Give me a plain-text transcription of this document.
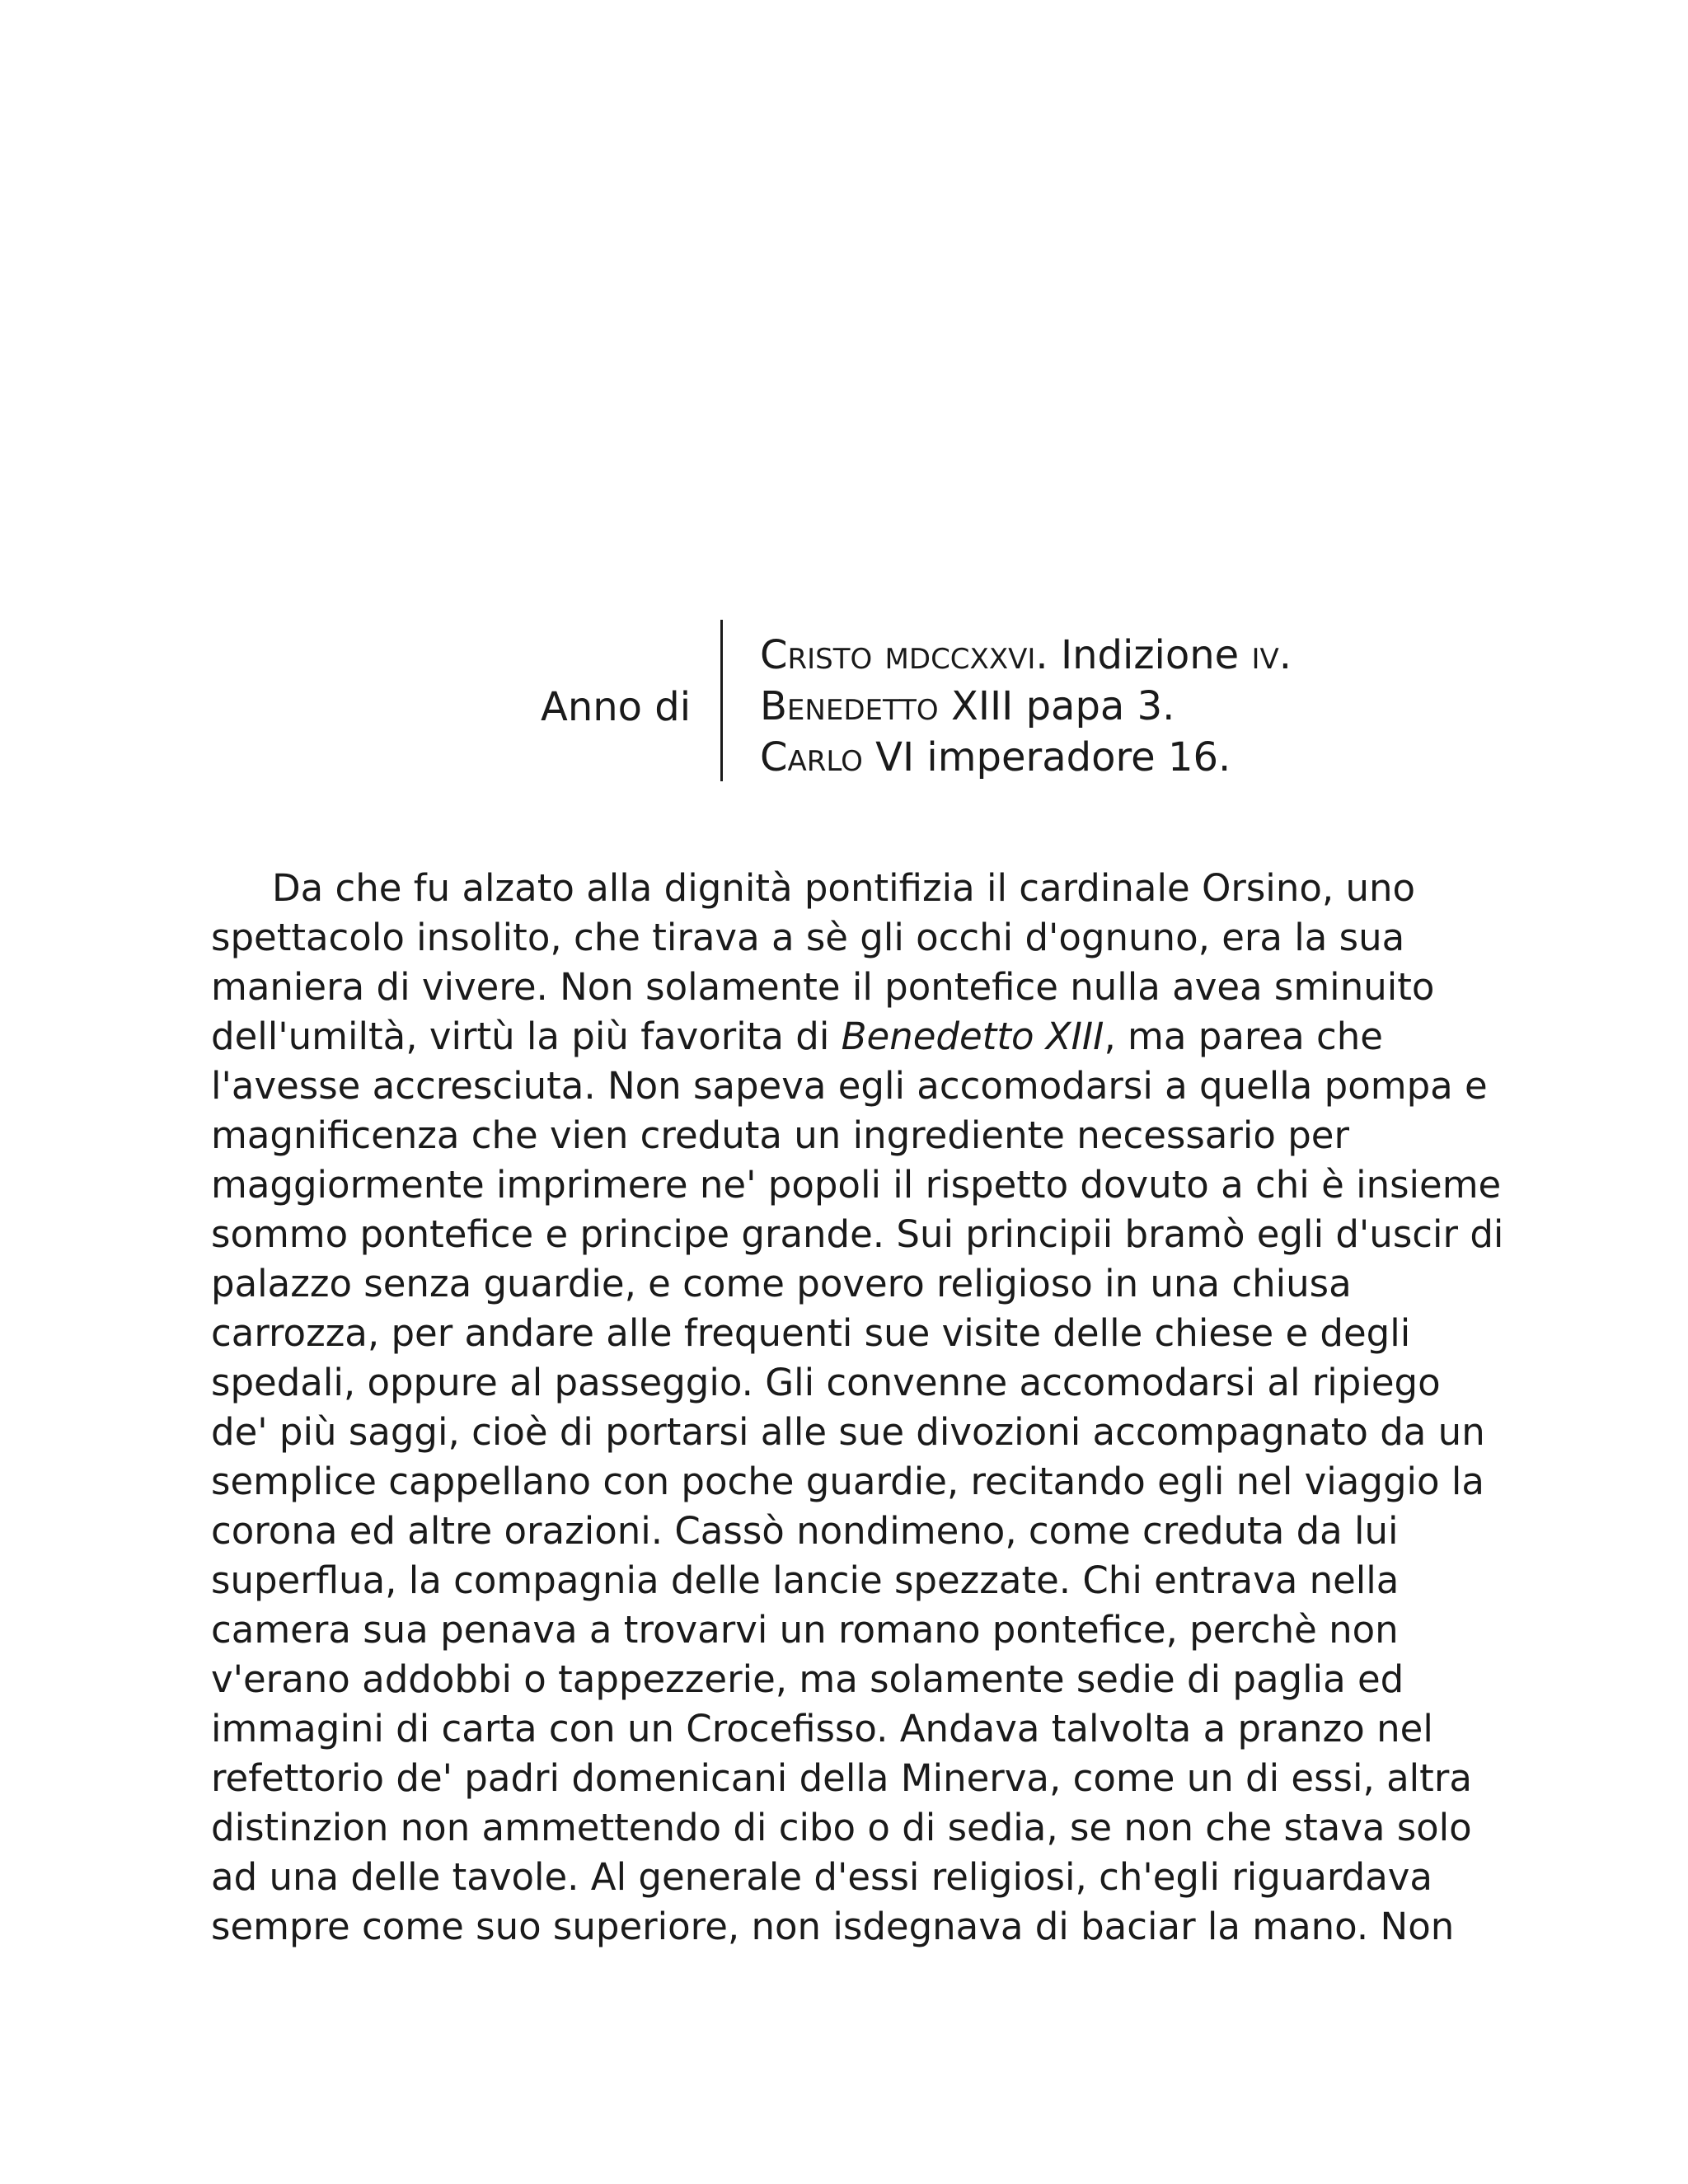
Anno di
Cristo mdccxxvi. Indizione iv.
Benedetto XIII papa 3.
Carlo VI imperadore 16.
Da che fu alzato alla dignità pontifizia il cardinale Orsino, uno
spettacolo insolito, che tirava a sè gli occhi d'ognuno, era la sua
maniera di vivere. Non solamente il pontefice nulla avea sminuito
dell'umiltà, virtù la più favorita di Benedetto XIII, ma parea che
l'avesse accresciuta. Non sapeva egli accomodarsi a quella pompa e
magnificenza che vien creduta un ingrediente necessario per
maggiormente imprimere ne' popoli il rispetto dovuto a chi è insieme
sommo pontefice e principe grande. Sui principii bramò egli d'uscir di
palazzo senza guardie, e come povero religioso in una chiusa
carrozza, per andare alle frequenti sue visite delle chiese e degli
spedali, oppure al passeggio. Gli convenne accomodarsi al ripiego
de' più saggi, cioè di portarsi alle sue divozioni accompagnato da un
semplice cappellano con poche guardie, recitando egli nel viaggio la
corona ed altre orazioni. Cassò nondimeno, come creduta da lui
superflua, la compagnia delle lancie spezzate. Chi entrava nella
camera sua penava a trovarvi un romano pontefice, perchè non
v'erano addobbi o tappezzerie, ma solamente sedie di paglia ed
immagini di carta con un Crocefisso. Andava talvolta a pranzo nel
refettorio de' padri domenicani della Minerva, come un di essi, altra
distinzion non ammettendo di cibo o di sedia, se non che stava solo
ad una delle tavole. Al generale d'essi religiosi, ch'egli riguardava
sempre come suo superiore, non isdegnava di baciar la mano. Non
